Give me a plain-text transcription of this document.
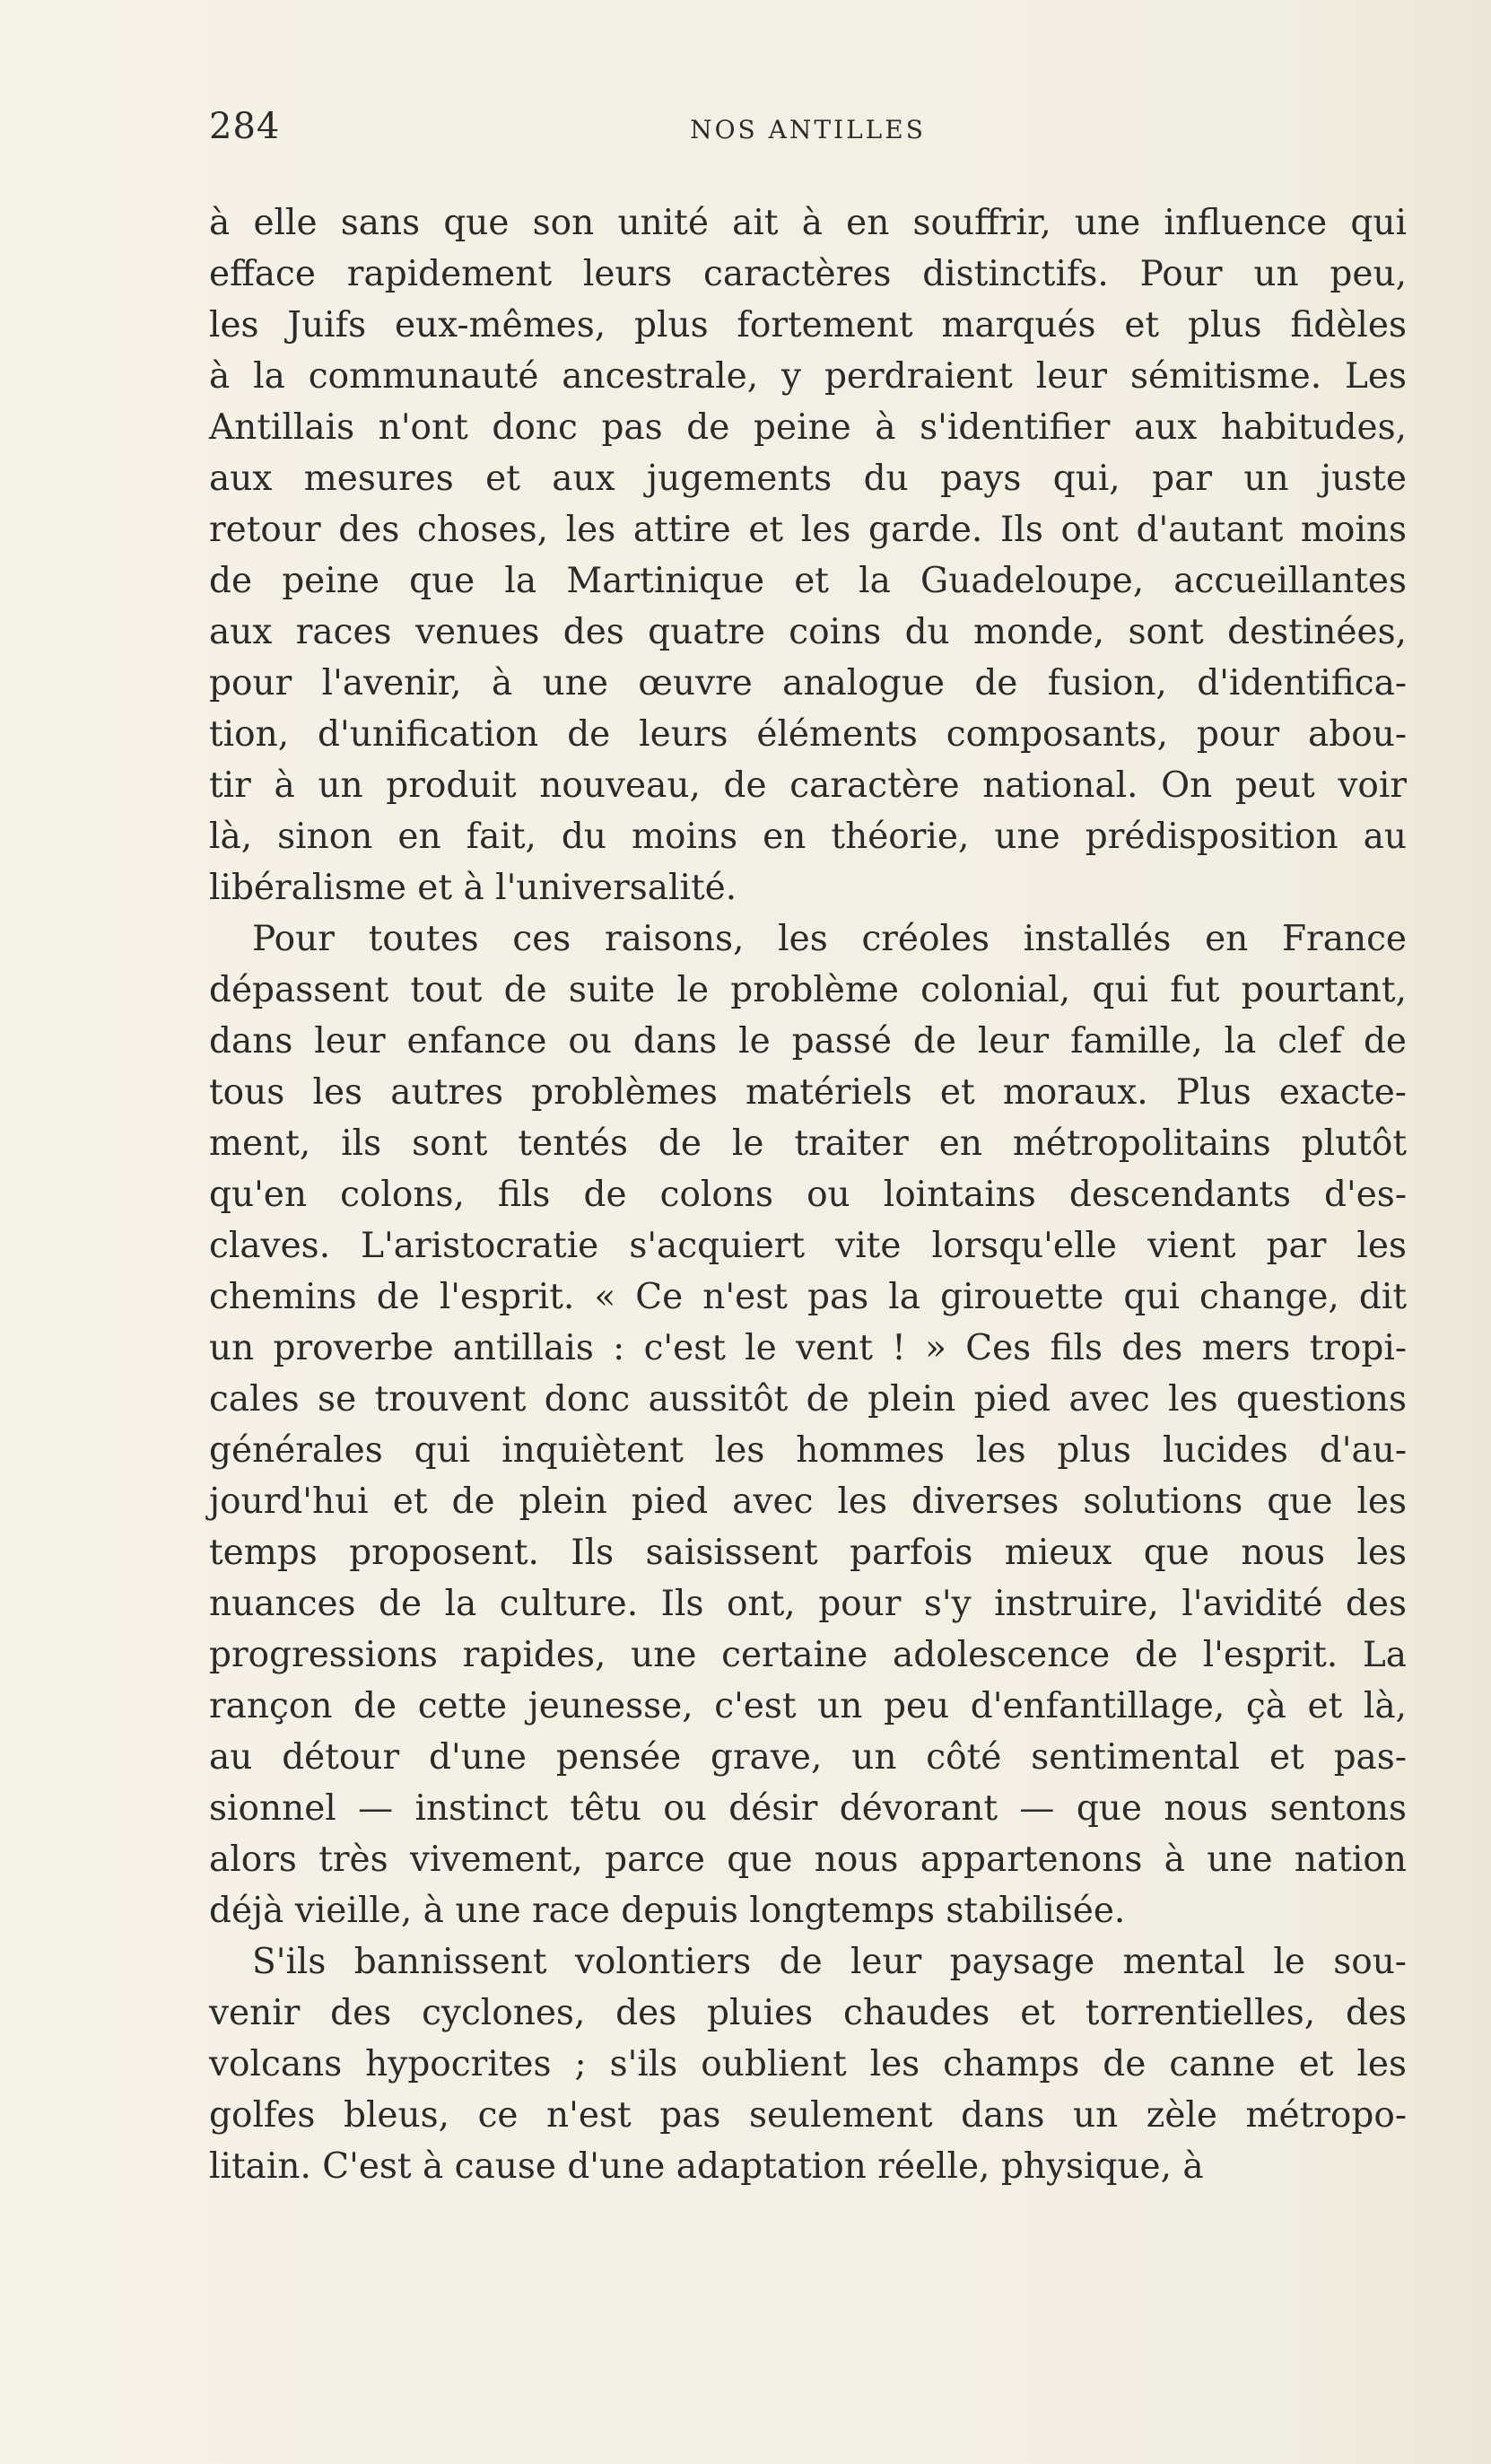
284	NOS ANTILLES
à elle sans que son unité ait à en souffrir, une influence qui
efface rapidement leurs caractères distinctifs. Pour un peu,
les Juifs eux-mêmes, plus fortement marqués et plus fidèles
à la communauté ancestrale, y perdraient leur sémitisme. Les
Antillais n'ont donc pas de peine à s'identifier aux habitudes,
aux mesures et aux jugements du pays qui, par un juste
retour des choses, les attire et les garde. Ils ont d'autant moins
de peine que la Martinique et la Guadeloupe, accueillantes
aux races venues des quatre coins du monde, sont destinées,
pour l'avenir, à une œuvre analogue de fusion, d'identifica-
tion, d'unification de leurs éléments composants, pour abou-
tir à un produit nouveau, de caractère national. On peut voir
là, sinon en fait, du moins en théorie, une prédisposition au
libéralisme et à l'universalité.
Pour toutes ces raisons, les créoles installés en France
dépassent tout de suite le problème colonial, qui fut pourtant,
dans leur enfance ou dans le passé de leur famille, la clef de
tous les autres problèmes matériels et moraux. Plus exacte-
ment, ils sont tentés de le traiter en métropolitains plutôt
qu'en colons, fils de colons ou lointains descendants d'es-
claves. L'aristocratie s'acquiert vite lorsqu'elle vient par les
chemins de l'esprit. « Ce n'est pas la girouette qui change, dit
un proverbe antillais : c'est le vent ! » Ces fils des mers tropi-
cales se trouvent donc aussitôt de plein pied avec les questions
générales qui inquiètent les hommes les plus lucides d'au-
jourd'hui et de plein pied avec les diverses solutions que les
temps proposent. Ils saisissent parfois mieux que nous les
nuances de la culture. Ils ont, pour s'y instruire, l'avidité des
progressions rapides, une certaine adolescence de l'esprit. La
rançon de cette jeunesse, c'est un peu d'enfantillage, çà et là,
au détour d'une pensée grave, un côté sentimental et pas-
sionnel — instinct têtu ou désir dévorant — que nous sentons
alors très vivement, parce que nous appartenons à une nation
déjà vieille, à une race depuis longtemps stabilisée.
S'ils bannissent volontiers de leur paysage mental le sou-
venir des cyclones, des pluies chaudes et torrentielles, des
volcans hypocrites ; s'ils oublient les champs de canne et les
golfes bleus, ce n'est pas seulement dans un zèle métropo-
litain. C'est à cause d'une adaptation réelle, physique, à
